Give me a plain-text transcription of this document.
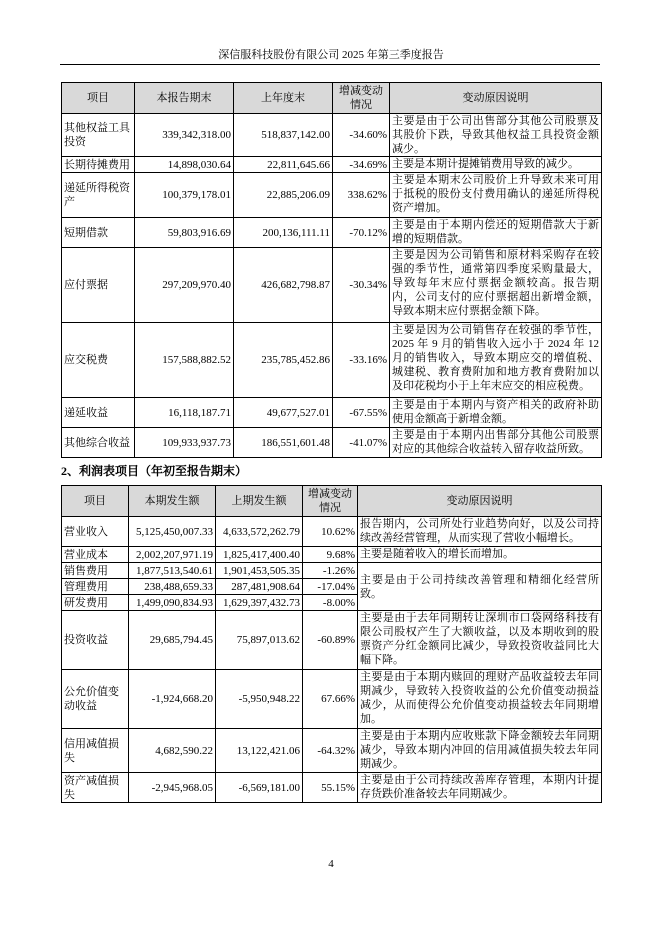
深信服科技股份有限公司 2025 年第三季度报告
项目	本报告期末	上年度末	增减变动情况	变动原因说明
其他权益工具投资	339,342,318.00	518,837,142.00	-34.60%	主要是由于公司出售部分其他公司股票及其股价下跌，导致其他权益工具投资金额减少。
长期待摊费用	14,898,030.64	22,811,645.66	-34.69%	主要是本期计提摊销费用导致的减少。
递延所得税资产	100,379,178.01	22,885,206.09	338.62%	主要是本期末公司股价上升导致未来可用于抵税的股份支付费用确认的递延所得税资产增加。
短期借款	59,803,916.69	200,136,111.11	-70.12%	主要是由于本期内偿还的短期借款大于新增的短期借款。
应付票据	297,209,970.40	426,682,798.87	-30.34%	主要是因为公司销售和原材料采购存在较强的季节性，通常第四季度采购量最大，导致每年末应付票据金额较高。报告期内，公司支付的应付票据超出新增金额，导致本期末应付票据金额下降。
应交税费	157,588,882.52	235,785,452.86	-33.16%	主要是因为公司销售存在较强的季节性，2025 年 9 月的销售收入远小于 2024 年 12 月的销售收入，导致本期应交的增值税、城建税、教育费附加和地方教育费附加以及印花税均小于上年末应交的相应税费。
递延收益	16,118,187.71	49,677,527.01	-67.55%	主要是由于本期内与资产相关的政府补助使用金额高于新增金额。
其他综合收益	109,933,937.73	186,551,601.48	-41.07%	主要是由于本期内出售部分其他公司股票对应的其他综合收益转入留存收益所致。
2、利润表项目（年初至报告期末）
项目	本期发生额	上期发生额	增减变动情况	变动原因说明
营业收入	5,125,450,007.33	4,633,572,262.79	10.62%	报告期内，公司所处行业趋势向好，以及公司持续改善经营管理，从而实现了营收小幅增长。
营业成本	2,002,207,971.19	1,825,417,400.40	9.68%	主要是随着收入的增长而增加。
销售费用	1,877,513,540.61	1,901,453,505.35	-1.26%	主要是由于公司持续改善管理和精细化经营所致。
管理费用	238,488,659.33	287,481,908.64	-17.04%	
研发费用	1,499,090,834.93	1,629,397,432.73	-8.00%	
投资收益	29,685,794.45	75,897,013.62	-60.89%	主要是由于去年同期转让深圳市口袋网络科技有限公司股权产生了大额收益，以及本期收到的股票资产分红金额同比减少，导致投资收益同比大幅下降。
公允价值变动收益	-1,924,668.20	-5,950,948.22	67.66%	主要是由于本期内赎回的理财产品收益较去年同期减少，导致转入投资收益的公允价值变动损益减少，从而使得公允价值变动损益较去年同期增加。
信用减值损失	4,682,590.22	13,122,421.06	-64.32%	主要是由于本期内应收账款下降金额较去年同期减少，导致本期内冲回的信用减值损失较去年同期减少。
资产减值损失	-2,945,968.05	-6,569,181.00	55.15%	主要是由于公司持续改善库存管理，本期内计提存货跌价准备较去年同期减少。
4
